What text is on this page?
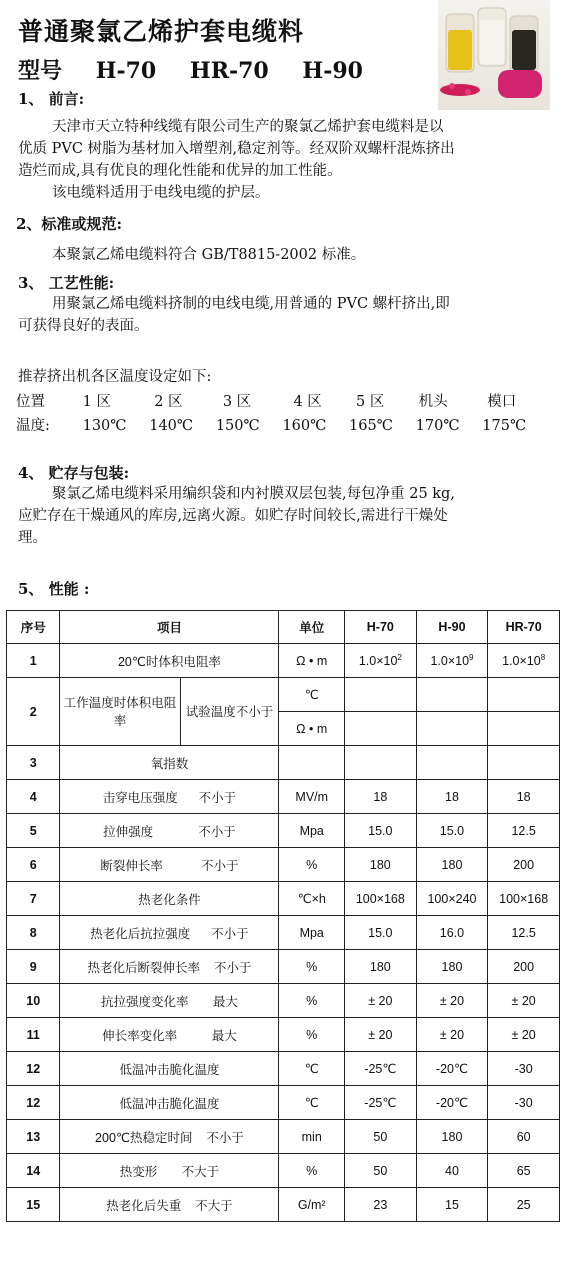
普通聚氯乙烯护套电缆料
型号 H-70 HR-70 H-90
1、 前言:
天津市天立特种线缆有限公司生产的聚氯乙烯护套电缆料是以
优质 PVC 树脂为基材加入增塑剂,稳定剂等。经双阶双螺杆混炼挤出
造烂而成,具有优良的理化性能和优异的加工性能。
该电缆料适用于电线电缆的护层。
2、标准或规范:
本聚氯乙烯电缆料符合 GB/T8815-2002 标准。
3、 工艺性能:
用聚氯乙烯电缆料挤制的电线电缆,用普通的 PVC 螺杆挤出,即
可获得良好的表面。
推荐挤出机各区温度设定如下:
位置	1 区	2 区	3 区	4 区 5 区 机头	模口
温度: 130℃ 140℃ 150℃ 160℃ 165℃ 170℃ 175℃
4、 贮存与包装:
聚氯乙烯电缆料采用编织袋和内衬膜双层包装,每包净重 25 kg,
应贮存在干燥通风的库房,远离火源。如贮存时间较长,需进行干燥处
理。
5、 性能 :
序号	项目		单位	H-70	H-90	HR-70
1	20℃时体积电阻率		Ω • m	$1.0\times 10^2$	$1.0\times 10^9$	$1.0\times 10^8$
2	工作温度时体积电阻率	试验温度不小于	℃			
			Ω • m			
3	氧指数					
4	击穿电压强度      不小于		MV/m	18	18	18
5	拉伸强度             不小于		Mpa	15.0	15.0	12.5
6	断裂伸长率           不小于		%	180	180	200
7	热老化条件		℃×h	100×168	100×240	100×168
8	热老化后抗拉强度      不小于		Mpa	15.0	16.0	12.5
9	热老化后断裂伸长率    不小于		%	180	180	200
10	抗拉强度变化率       最大		%	± 20	± 20	± 20
11	伸长率变化率          最大		%	± 20	± 20	± 20
12	低温冲击脆化温度		℃	-25℃	-20℃	-30
12	低温冲击脆化温度		℃	-25℃	-20℃	-30
13	200℃热稳定时间    不小于		min	50	180	60
14	热变形       不大于		%	50	40	65
15	热老化后失重    不大于		G/m²	23	15	25
